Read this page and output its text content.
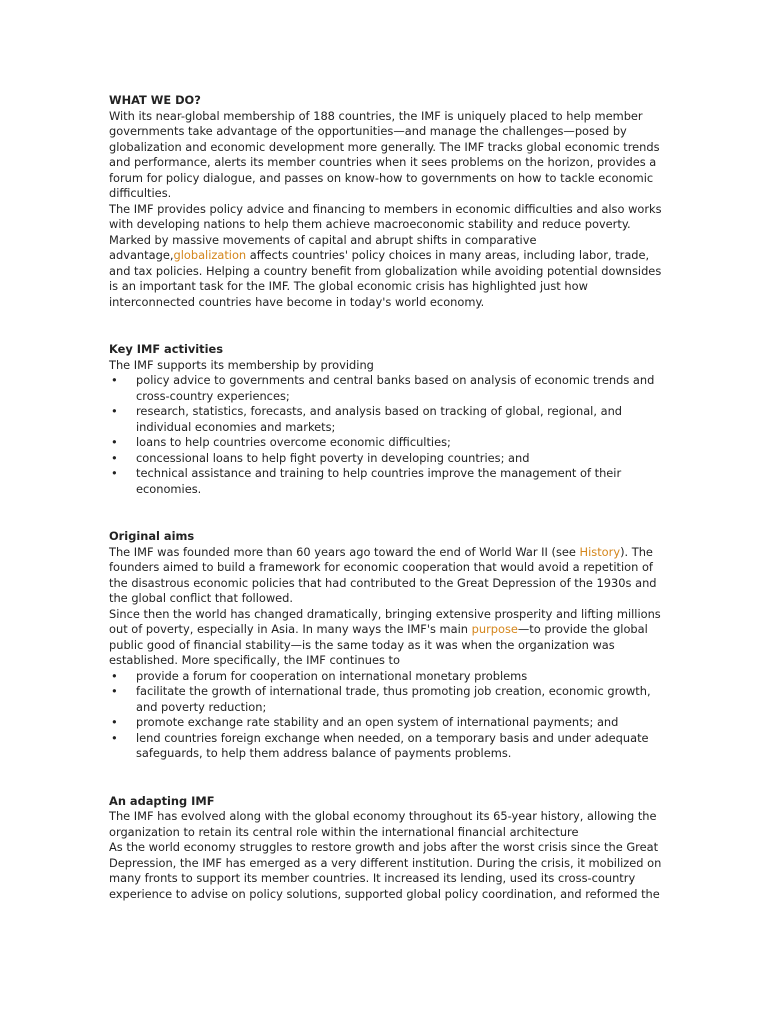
WHAT WE DO?

With its near-global membership of 188 countries, the IMF is uniquely placed to help member governments take advantage of the opportunities—and manage the challenges—posed by globalization and economic development more generally. The IMF tracks global economic trends and performance, alerts its member countries when it sees problems on the horizon, provides a forum for policy dialogue, and passes on know-how to governments on how to tackle economic difficulties.

The IMF provides policy advice and financing to members in economic difficulties and also works with developing nations to help them achieve macroeconomic stability and reduce poverty. Marked by massive movements of capital and abrupt shifts in comparative advantage,globalization affects countries' policy choices in many areas, including labor, trade, and tax policies. Helping a country benefit from globalization while avoiding potential downsides is an important task for the IMF. The global economic crisis has highlighted just how interconnected countries have become in today's world economy.

Key IMF activities

The IMF supports its membership by providing

• policy advice to governments and central banks based on analysis of economic trends and cross-country experiences;
• research, statistics, forecasts, and analysis based on tracking of global, regional, and individual economies and markets;
• loans to help countries overcome economic difficulties;
• concessional loans to help fight poverty in developing countries; and
• technical assistance and training to help countries improve the management of their economies.

Original aims

The IMF was founded more than 60 years ago toward the end of World War II (see History). The founders aimed to build a framework for economic cooperation that would avoid a repetition of the disastrous economic policies that had contributed to the Great Depression of the 1930s and the global conflict that followed.

Since then the world has changed dramatically, bringing extensive prosperity and lifting millions out of poverty, especially in Asia. In many ways the IMF's main purpose—to provide the global public good of financial stability—is the same today as it was when the organization was established. More specifically, the IMF continues to

• provide a forum for cooperation on international monetary problems
• facilitate the growth of international trade, thus promoting job creation, economic growth, and poverty reduction;
• promote exchange rate stability and an open system of international payments; and
• lend countries foreign exchange when needed, on a temporary basis and under adequate safeguards, to help them address balance of payments problems.

An adapting IMF

The IMF has evolved along with the global economy throughout its 65-year history, allowing the organization to retain its central role within the international financial architecture

As the world economy struggles to restore growth and jobs after the worst crisis since the Great Depression, the IMF has emerged as a very different institution. During the crisis, it mobilized on many fronts to support its member countries. It increased its lending, used its cross-country experience to advise on policy solutions, supported global policy coordination, and reformed the
